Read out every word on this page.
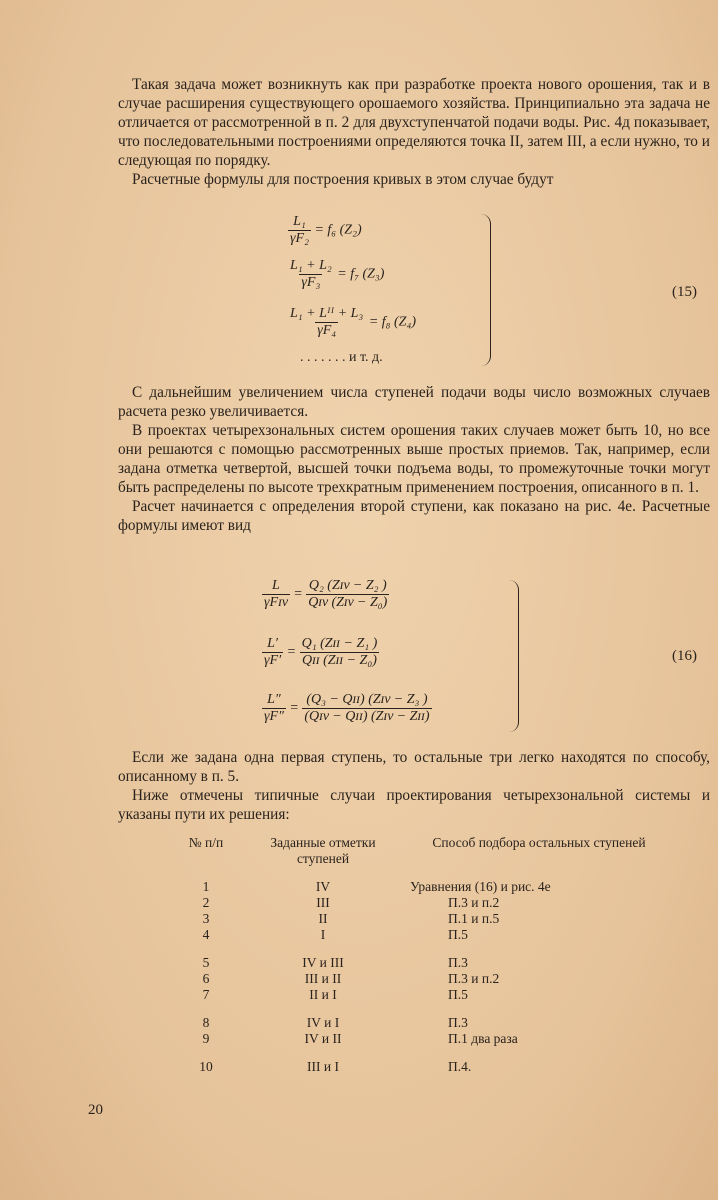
Такая задача может возникнуть как при разработке проекта нового орошения, так и в случае расширения существующего орошаемого хозяйства. Принципиально эта задача не отличается от рассмотренной в п. 2 для двухступенчатой подачи воды. Рис. 4д показывает, что последовательными построениями определяются точка II, затем III, а если нужно, то и следующая по порядку.

Расчетные формулы для построения кривых в этом случае будут

$\frac{\text{L₁}}{\text{γF₂}} = f_6$ (Z₂)
$\frac{\text{L₁ + L₂}}{\text{γF₃}} = f_7$ (Z₃)
$\frac{\text{L₁ + Lᴵᴵ + L₃}}{\text{γF₄}} = f_8$ (Z₄)
. . . . . . . и т. д.
(15)

С дальнейшим увеличением числа ступеней подачи воды число возможных случаев расчета резко увеличивается.

В проектах четырехзональных систем орошения таких случаев может быть 10, но все они решаются с помощью рассмотренных выше простых приемов. Так, например, если задана отметка четвертой, высшей точки подъема воды, то промежуточные точки могут быть распределены по высоте трехкратным применением построения, описанного в п. 1.

Расчет начинается с определения второй ступени, как показано на рис. 4е. Расчетные формулы имеют вид

$\frac{L}{\text{γFɪᴠ}} = \frac{\text{Q₂ (Zɪᴠ − Z₂ )}}{\text{Qɪᴠ (Zɪᴠ − Z₀)}}$
$\frac{L'}{\gamma F'} = \frac{\text{Q₁ (Zɪɪ − Z₁ )}}{\text{Qɪɪ (Zɪɪ − Z₀)}}$
$\frac{L''}{\gamma F''} = \frac{\text{(Q₃ − Qɪɪ) (Zɪᴠ − Z₃ )}}{\text{(Qɪᴠ − Qɪɪ) (Zɪᴠ − Zɪɪ)}}$
(16)

Если же задана одна первая ступень, то остальные три легко находятся по способу, описанному в п. 5.

Ниже отмечены типичные случаи проектирования четырехзональной системы и указаны пути их решения:

№ п/п	Заданные отметки ступеней	Способ подбора остальных ступеней

1	IV	Уравнения (16) и рис. 4е
2	III	П.3 и п.2
3	II	П.1 и п.5
4	I	П.5

5	IV и III	П.3
6	III и II	П.3 и п.2
7	II и I	П.5

8	IV и I	П.3
9	IV и II	П.1 два раза

10	III и I	П.4.
20
